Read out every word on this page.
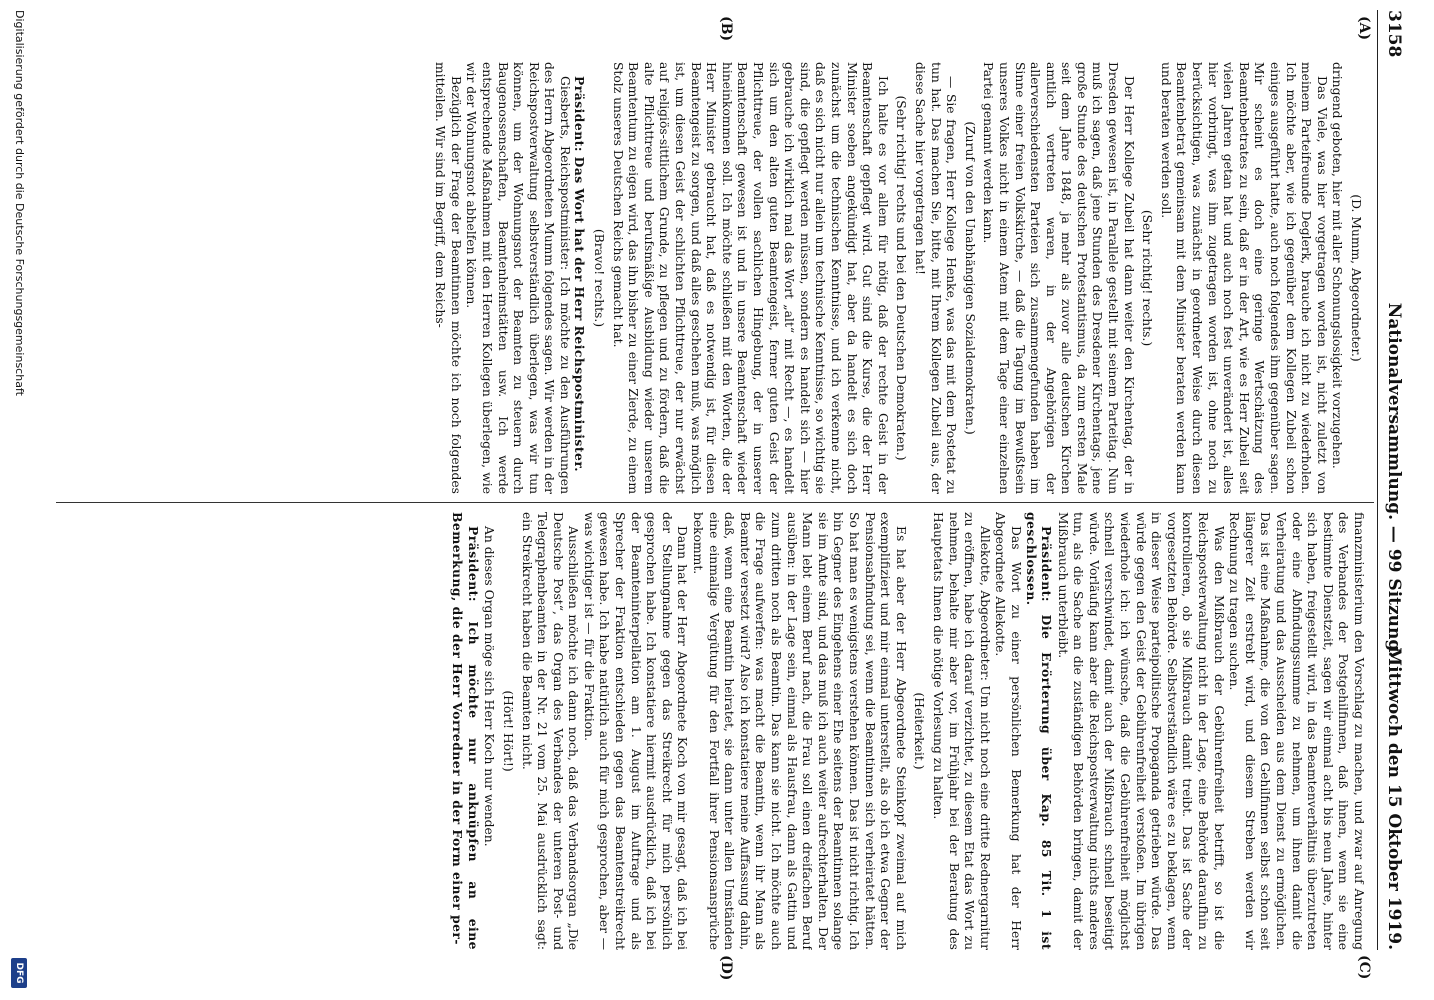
3158
Nationalversammlung. — 99 Sitzung.
Mittwoch den 15 Oktober 1919.
(A)
(B)
(C)
(D)

(D. Mumm, Abgeordneter.)

dringend geboten, hier mit aller Schonungslosigkeit vorzugehen.

Das Viele, was hier vorgetragen worden ist, nicht zuletzt von meinem Parteifreunde Deglerk, brauche ich nicht zu wiederholen. Ich möchte aber, wie ich gegenüber dem Kollegen Zubeil schon einiges ausgeführt hatte, auch noch folgendes ihm gegenüber sagen. Mir scheint es doch eine geringe Wertschätzung des Beamtenbetrates zu sein, daß er in der Art, wie es Herr Zubeil seit vielen Jahren getan hat und auch noch fest unverändert ist, alles hier vorbringt, was ihm zugetragen worden ist, ohne noch zu berücksichtigen, was zunächst in geordneter Weise durch diesen Beamtenbetrat gemeinsam mit dem Minister beraten werden kann und beraten werden soll.

(Sehr richtig! rechts.)

Der Herr Kollege Zubeil hat dann weiter den Kirchentag, der in Dresden gewesen ist, in Parallele gestellt mit seinem Parteitag. Nun muß ich sagen, daß jene Stunden des Dresdener Kirchentags, jene große Stunde des deutschen Protestantismus, da zum ersten Male seit dem Jahre 1848, ja mehr als zuvor alle deutschen Kirchen amtlich vertreten waren, in der Angehörigen der allerverschiedensten Parteien sich zusammengefunden haben im Sinne einer freien Volkskirche, — daß die Tagung im Bewußtsein unseres Volkes nicht in einem Atem mit dem Tage einer einzelnen Partei genannt werden kann.

(Zuruf von den Unabhängigen Sozialdemokraten.)

— Sie fragen, Herr Kollege Henke, was das mit dem Postetat zu tun hat. Das machen Sie, bitte, mit Ihrem Kollegen Zubeil aus, der diese Sache hier vorgetragen hat!

(Sehr richtig! rechts und bei den Deutschen Demokraten.)

Ich halte es vor allem für nötig, daß der rechte Geist in der Beamtenschaft gepflegt wird. Gut sind die Kurse, die der Herr Minister soeben angekündigt hat, aber da handelt es sich doch zunächst um die technischen Kenntnisse, und ich verkenne nicht, daß es sich nicht nur allein um technische Kenntnisse, so wichtig sie sind, die gepflegt werden müssen, sondern es handelt sich — hier gebrauche ich wirklich mal das Wort „alt“ mit Recht —, es handelt sich um den alten guten Beamtengeist, ferner guten Geist der Pflichttreue, der vollen sachlichen Hingebung, der in unserer Beamtenschaft gewesen ist und in unsere Beamtenschaft wieder hineinkommen soll. Ich möchte schließen mit den Worten, die der Herr Minister gebraucht hat, daß es notwendig ist, für diesen Beamtengeist zu sorgen, und daß alles geschehen muß, was möglich ist, um diesen Geist der schlichten Pflichttreue, der nur erwächst auf religiös-sittlichem Grunde, zu pflegen und zu fördern, daß die alte Pflichttreue und berufsmäßige Ausbildung wieder unserem Beamtentum zu eigen wird, das ihn bisher zu einer Zierde, zu einem Stolz unseres Deutschen Reichs gemacht hat.

(Bravo! rechts.)

Präsident: Das Wort hat der Herr Reichspostminister.

Giesberts, Reichspostminister: Ich möchte zu den Ausführungen des Herrn Abgeordneten Mumm folgendes sagen. Wir werden in der Reichspostverwaltung selbstverständlich überlegen, was wir tun können, um der Wohnungsnot der Beamten zu steuern durch Baugenossenschaften, Beamtenheimstätten usw. Ich werde entsprechende Maßnahmen mit den Herren Kollegen überlegen, wie wir der Wohnungsnot abhelfen können.

Bezüglich der Frage der Beamtinnen möchte ich noch folgendes mitteilen. Wir sind im Begriff, dem Reichs-

finanzministerium den Vorschlag zu machen, und zwar auf Anregung des Verbandes der Postgehilfinnen, daß ihnen, wenn sie eine bestimmte Dienstzeit, sagen wir einmal acht bis neun Jahre, hinter sich haben, freigestellt wird, in das Beamtenverhältnis überzutreten oder eine Abfindungssumme zu nehmen, um ihnen damit die Verheiratung und das Ausscheiden aus dem Dienst zu ermöglichen. Das ist eine Maßnahme, die von den Gehilfinnen selbst schon seit längerer Zeit erstrebt wird, und diesem Streben werden wir Rechnung zu tragen suchen.

Was den Mißbrauch der Gebührenfreiheit betrifft, so ist die Reichspostverwaltung nicht in der Lage, eine Behörde daraufhin zu kontrollieren, ob sie Mißbrauch damit treibt. Das ist Sache der vorgesetzten Behörde. Selbstverständlich wäre es zu beklagen, wenn in dieser Weise parteipolitische Propaganda getrieben würde. Das würde gegen den Geist der Gebührenfreiheit verstoßen. Im übrigen wiederhole ich: ich wünsche, daß die Gebührenfreiheit möglichst schnell verschwindet, damit auch der Mißbrauch schnell beseitigt würde. Vorläufig kann aber die Reichspostverwaltung nichts anderes tun, als die Sache an die zuständigen Behörden bringen, damit der Mißbrauch unterbleibt.

Präsident: Die Erörterung über Kap. 85 Tit. 1 ist geschlossen.

Das Wort zu einer persönlichen Bemerkung hat der Herr Abgeordnete Allekotte.

Allekotte, Abgeordneter: Um nicht noch eine dritte Rednergarnitur zu eröffnen, habe ich darauf verzichtet, zu diesem Etat das Wort zu nehmen, behalte mir aber vor, im Frühjahr bei der Beratung des Hauptetats Ihnen die nötige Vorlesung zu halten.

(Heiterkeit.)

Es hat aber der Herr Abgeordnete Steinkopf zweimal auf mich exemplifiziert und mir einmal unterstellt, als ob ich etwa Gegner der Pensionsabfindung sei, wenn die Beamtinnen sich verheiratet hätten. So hat man es wenigstens verstehen können. Das ist nicht richtig. Ich bin Gegner des Eingehens einer Ehe seitens der Beamtinnen solange sie im Amte sind, und das muß ich auch weiter aufrechterhalten. Der Mann lebt einem Beruf nach, die Frau soll einen dreifachen Beruf ausüben: in der Lage sein, einmal als Hausfrau, dann als Gattin und zum dritten noch als Beamtin. Das kann sie nicht. Ich möchte auch die Frage aufwerfen: was macht die Beamtin, wenn ihr Mann als Beamter versetzt wird? Also ich konstatiere meine Auffassung dahin, daß, wenn eine Beamtin heiratet, sie dann unter allen Umständen eine einmalige Vergütung für den Fortfall ihrer Pensionsansprüche bekommt.

Dann hat der Herr Abgeordnete Koch von mir gesagt, daß ich bei der Stellungnahme gegen das Streikrecht für mich persönlich gesprochen habe. Ich konstatiere hiermit ausdrücklich, daß ich bei der Beamteninterpellation am 1. August im Auftrage und als Sprecher der Fraktion entschieden gegen das Beamtenstreikrecht gewesen habe. Ich habe natürlich auch für mich gesprochen, aber — was wichtiger ist — für die Fraktion.

Ausschließen möchte ich dann noch, daß das Verbandsorgan „Die Deutsche Post“, das Organ des Verbandes der unteren Post- und Telegraphenbeamten in der Nr. 21 vom 25. Mai ausdrücklich sagt: ein Streikrecht haben die Beamten nicht.

(Hört! Hört!)

An dieses Organ möge sich Herr Koch nur wenden.

Präsident: Ich möchte nur anknüpfen an eine Bemerkung, die der Herr Vorredner in der Form einer per-

Digitalisierung gefördert durch die Deutsche Forschungsgemeinschaft
DFG
